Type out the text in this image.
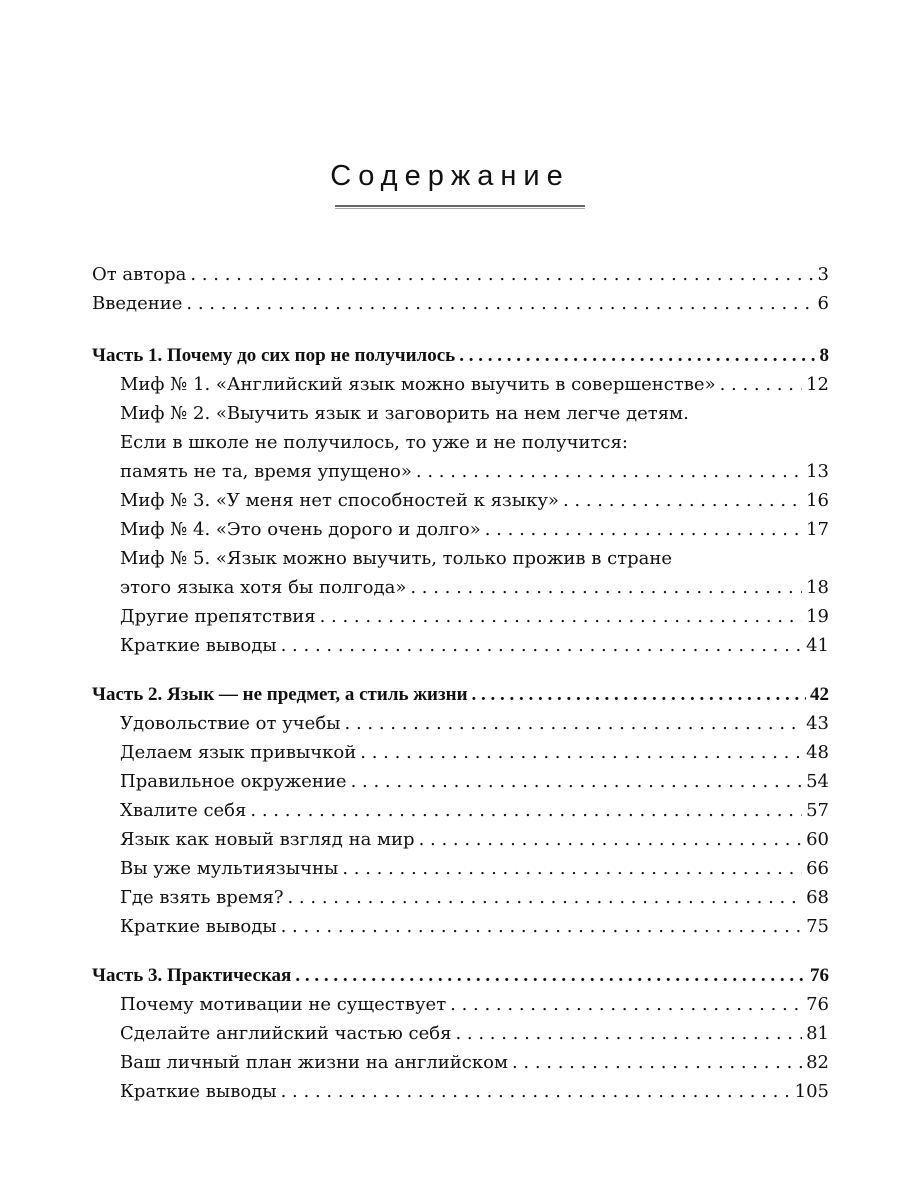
Содержание
От автора . . .	3
Введение . . .	6
Часть 1. Почему до сих пор не получилось . . .	8
Миф № 1. «Английский язык можно выучить в совершенстве» . . .	12
Миф № 2. «Выучить язык и заговорить на нем легче детям.
Если в школе не получилось, то уже и не получится:
память не та, время упущено» . . .	13
Миф № 3. «У меня нет способностей к языку» . . .	16
Миф № 4. «Это очень дорого и долго» . . .	17
Миф № 5. «Язык можно выучить, только прожив в стране
этого языка хотя бы полгода» . . .	18
Другие препятствия . . .	19
Краткие выводы . . .	41
Часть 2. Язык — не предмет, а стиль жизни . . .	42
Удовольствие от учебы . . .	43
Делаем язык привычкой . . .	48
Правильное окружение . . .	54
Хвалите себя . . .	57
Язык как новый взгляд на мир . . .	60
Вы уже мультиязычны . . .	66
Где взять время? . . .	68
Краткие выводы . . .	75
Часть 3. Практическая . . .	76
Почему мотивации не существует . . .	76
Сделайте английский частью себя . . .	81
Ваш личный план жизни на английском . . .	82
Краткие выводы . . .	105
